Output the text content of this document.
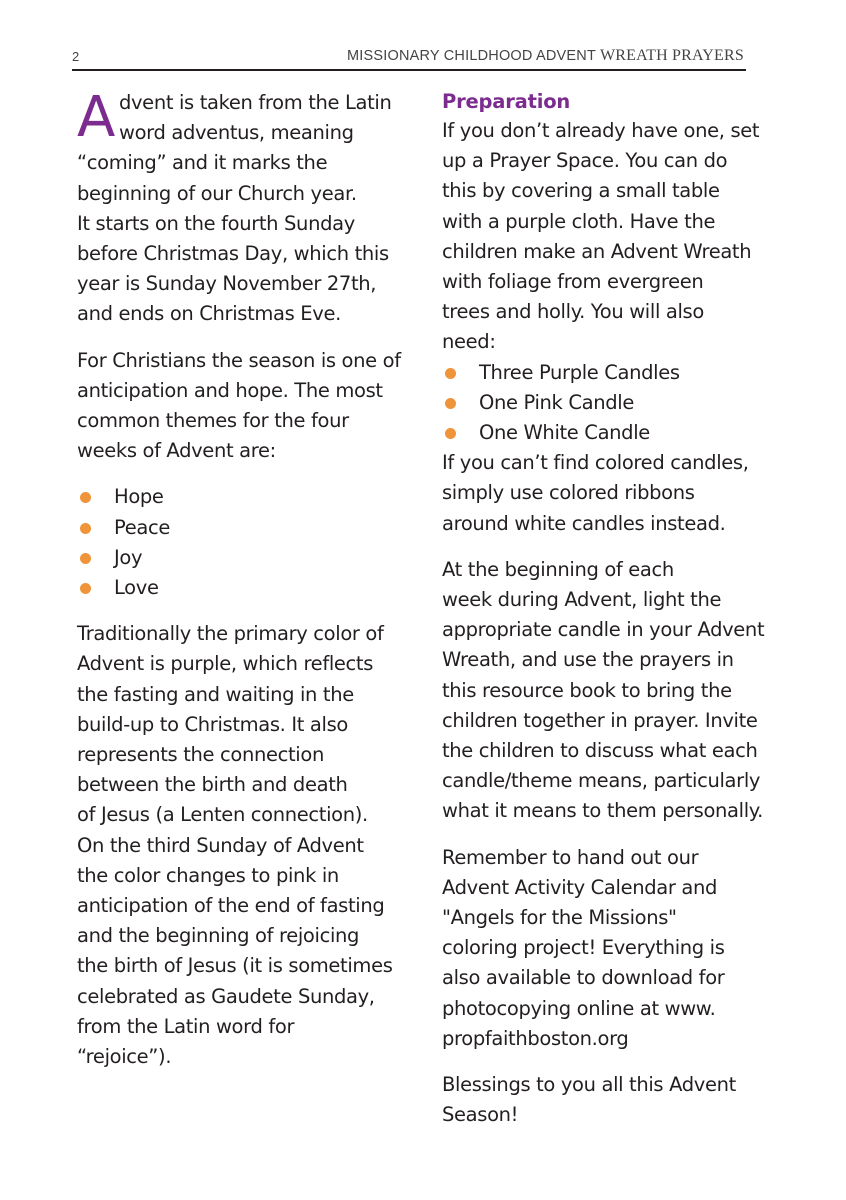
2	MISSIONARY CHILDHOOD ADVENT WREATH PRAYERS

A dvent is taken from the Latin
word adventus, meaning
“coming” and it marks the
beginning of our Church year.
It starts on the fourth Sunday
before Christmas Day, which this
year is Sunday November 27th,
and ends on Christmas Eve.

For Christians the season is one of
anticipation and hope. The most
common themes for the four
weeks of Advent are:

Hope
Peace
Joy
Love

Traditionally the primary color of
Advent is purple, which reflects
the fasting and waiting in the
build-up to Christmas. It also
represents the connection
between the birth and death
of Jesus (a Lenten connection).
On the third Sunday of Advent
the color changes to pink in
anticipation of the end of fasting
and the beginning of rejoicing
the birth of Jesus (it is sometimes
celebrated as Gaudete Sunday,
from the Latin word for
“rejoice”).

Preparation

If you don’t already have one, set
up a Prayer Space. You can do
this by covering a small table
with a purple cloth. Have the
children make an Advent Wreath
with foliage from evergreen
trees and holly. You will also
need:

Three Purple Candles
One Pink Candle
One White Candle

If you can’t find colored candles,
simply use colored ribbons
around white candles instead.

At the beginning of each
week during Advent, light the
appropriate candle in your Advent
Wreath, and use the prayers in
this resource book to bring the
children together in prayer. Invite
the children to discuss what each
candle/theme means, particularly
what it means to them personally.

Remember to hand out our
Advent Activity Calendar and
"Angels for the Missions"
coloring project! Everything is
also available to download for
photocopying online at www.
propfaithboston.org

Blessings to you all this Advent
Season!
